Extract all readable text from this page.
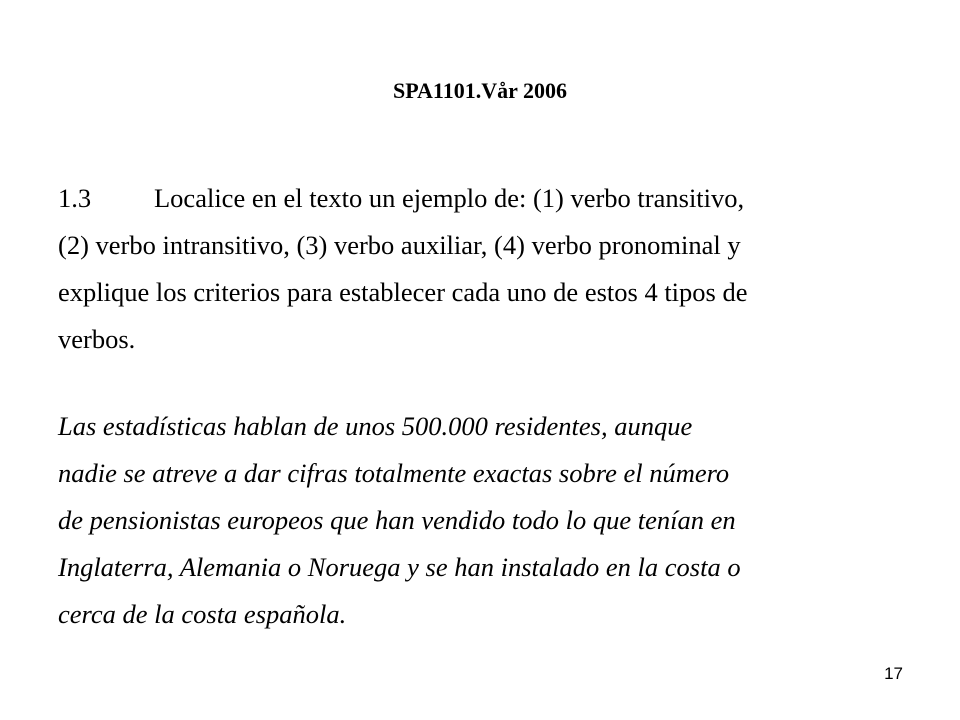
SPA1101.Vår 2006
1.3 Localice en el texto un ejemplo de: (1) verbo transitivo,
(2) verbo intransitivo, (3) verbo auxiliar, (4) verbo pronominal y
explique los criterios para establecer cada uno de estos 4 tipos de
verbos.
Las estadísticas hablan de unos 500.000 residentes, aunque
nadie se atreve a dar cifras totalmente exactas sobre el número
de pensionistas europeos que han vendido todo lo que tenían en
Inglaterra, Alemania o Noruega y se han instalado en la costa o
cerca de la costa española.
17
